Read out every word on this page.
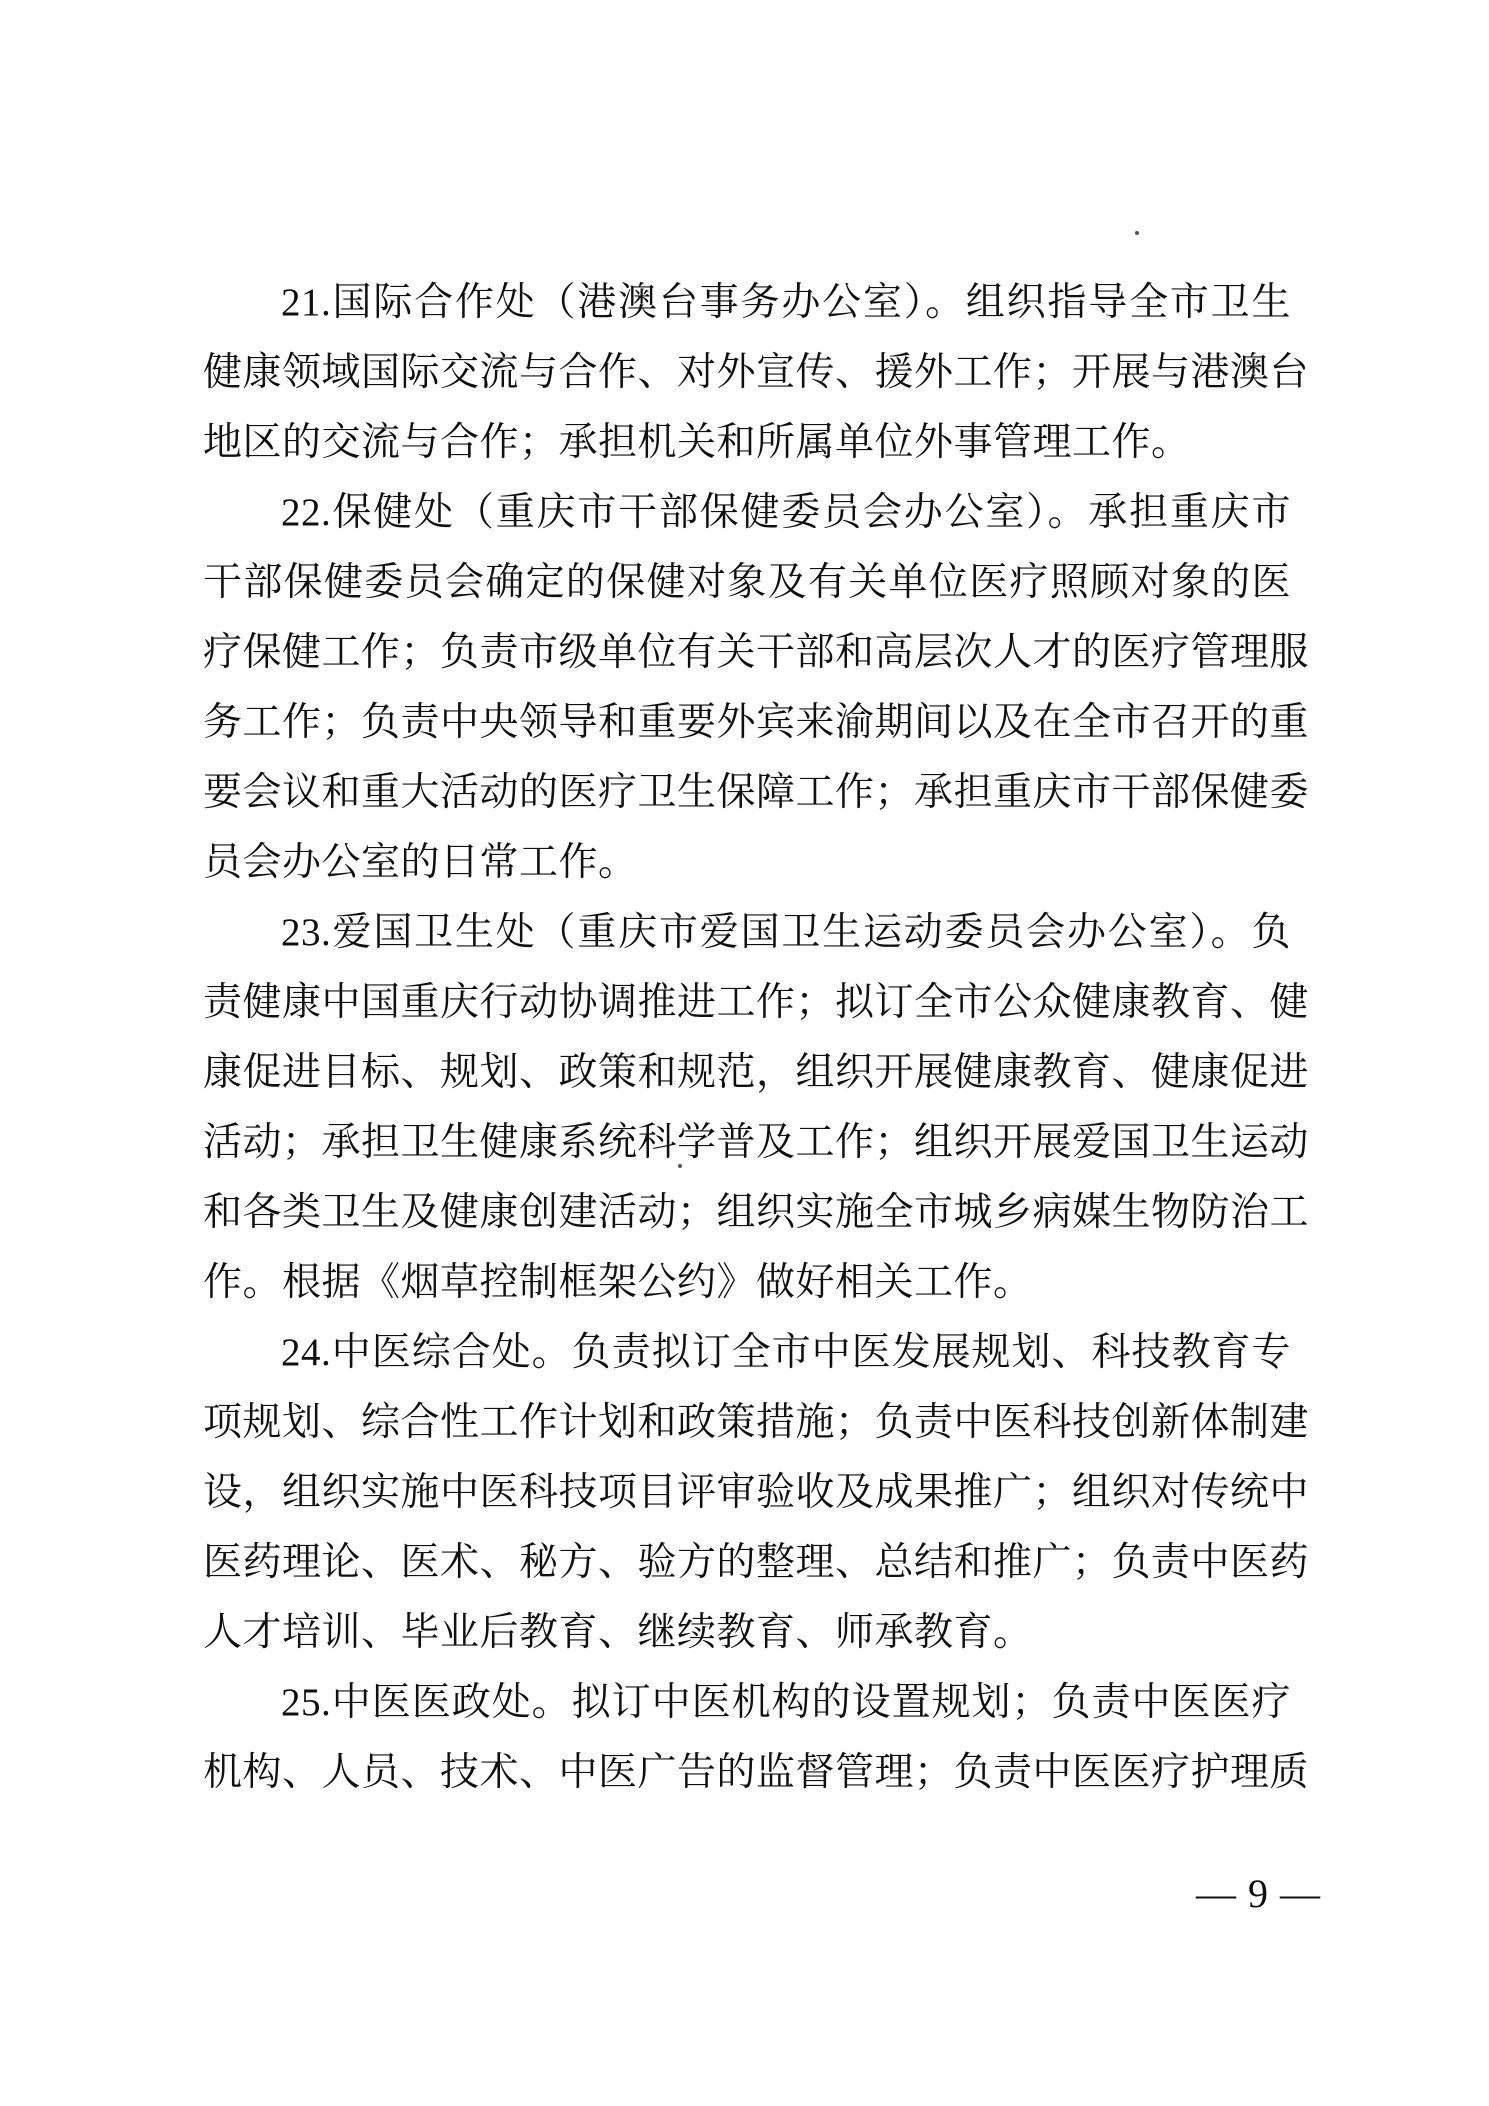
21.国际合作处（港澳台事务办公室）。组织指导全市卫生
健康领域国际交流与合作、对外宣传、援外工作；开展与港澳台
地区的交流与合作；承担机关和所属单位外事管理工作。
22.保健处（重庆市干部保健委员会办公室）。承担重庆市
干部保健委员会确定的保健对象及有关单位医疗照顾对象的医
疗保健工作；负责市级单位有关干部和高层次人才的医疗管理服
务工作；负责中央领导和重要外宾来渝期间以及在全市召开的重
要会议和重大活动的医疗卫生保障工作；承担重庆市干部保健委
员会办公室的日常工作。
23.爱国卫生处（重庆市爱国卫生运动委员会办公室）。负
责健康中国重庆行动协调推进工作；拟订全市公众健康教育、健
康促进目标、规划、政策和规范，组织开展健康教育、健康促进
活动；承担卫生健康系统科学普及工作；组织开展爱国卫生运动
和各类卫生及健康创建活动；组织实施全市城乡病媒生物防治工
作。根据《烟草控制框架公约》做好相关工作。
24.中医综合处。负责拟订全市中医发展规划、科技教育专
项规划、综合性工作计划和政策措施；负责中医科技创新体制建
设，组织实施中医科技项目评审验收及成果推广；组织对传统中
医药理论、医术、秘方、验方的整理、总结和推广；负责中医药
人才培训、毕业后教育、继续教育、师承教育。
25.中医医政处。拟订中医机构的设置规划；负责中医医疗
机构、人员、技术、中医广告的监督管理；负责中医医疗护理质
— 9 —
